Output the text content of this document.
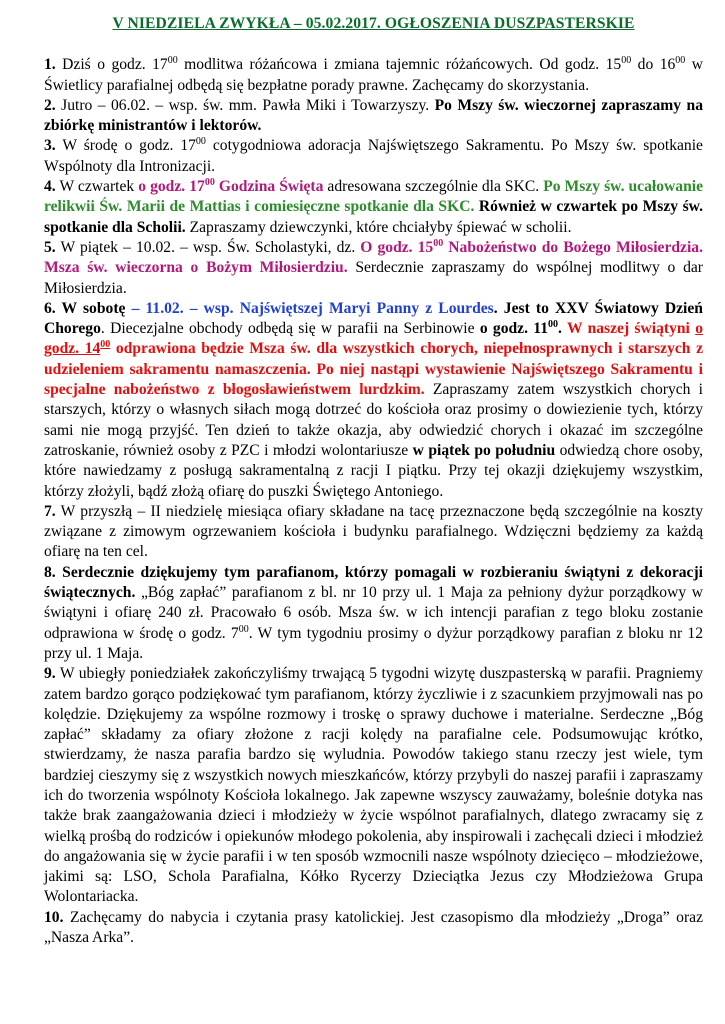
V NIEDZIELA ZWYKŁA – 05.02.2017. OGŁOSZENIA DUSZPASTERSKIE

1. Dziś o godz. $17^{00}$ modlitwa różańcowa i zmiana tajemnic różańcowych. Od godz. $15^{00}$ do $16^{00}$ w Świetlicy parafialnej odbędą się bezpłatne porady prawne. Zachęcamy do skorzystania.

2. Jutro – 06.02. – wsp. św. mm. Pawła Miki i Towarzyszy. Po Mszy św. wieczornej zapraszamy na zbiórkę ministrantów i lektorów.

3. W środę o godz. $17^{00}$ cotygodniowa adoracja Najświętszego Sakramentu. Po Mszy św. spotkanie Wspólnoty dla Intronizacji.

4. W czwartek o godz. $17^{00}$ Godzina Święta adresowana szczególnie dla SKC. Po Mszy św. ucałowanie relikwii Św. Marii de Mattias i comiesięczne spotkanie dla SKC. Również w czwartek po Mszy św. spotkanie dla Scholii. Zapraszamy dziewczynki, które chciałyby śpiewać w scholii.

5. W piątek – 10.02. – wsp. Św. Scholastyki, dz. O godz. $15^{00}$ Nabożeństwo do Bożego Miłosierdzia. Msza św. wieczorna o Bożym Miłosierdziu. Serdecznie zapraszamy do wspólnej modlitwy o dar Miłosierdzia.

6. W sobotę – 11.02. – wsp. Najświętszej Maryi Panny z Lourdes. Jest to XXV Światowy Dzień Chorego. Diecezjalne obchody odbędą się w parafii na Serbinowie o godz. $11^{00}$. W naszej świątyni o godz. $14^{00}$ odprawiona będzie Msza św. dla wszystkich chorych, niepełnosprawnych i starszych z udzieleniem sakramentu namaszczenia. Po niej nastąpi wystawienie Najświętszego Sakramentu i specjalne nabożeństwo z błogosławieństwem lurdzkim. Zapraszamy zatem wszystkich chorych i starszych, którzy o własnych siłach mogą dotrzeć do kościoła oraz prosimy o dowiezienie tych, którzy sami nie mogą przyjść. Ten dzień to także okazja, aby odwiedzić chorych i okazać im szczególne zatroskanie, również osoby z PZC i młodzi wolontariusze w piątek po południu odwiedzą chore osoby, które nawiedzamy z posługą sakramentalną z racji I piątku. Przy tej okazji dziękujemy wszystkim, którzy złożyli, bądź złożą ofiarę do puszki Świętego Antoniego.

7. W przyszłą – II niedzielę miesiąca ofiary składane na tacę przeznaczone będą szczególnie na koszty związane z zimowym ogrzewaniem kościoła i budynku parafialnego. Wdzięczni będziemy za każdą ofiarę na ten cel.

8. Serdecznie dziękujemy tym parafianom, którzy pomagali w rozbieraniu świątyni z dekoracji świątecznych. „Bóg zapłać” parafianom z bl. nr 10 przy ul. 1 Maja za pełniony dyżur porządkowy w świątyni i ofiarę 240 zł. Pracowało 6 osób. Msza św. w ich intencji parafian z tego bloku zostanie odprawiona w środę o godz. $7^{00}$. W tym tygodniu prosimy o dyżur porządkowy parafian z bloku nr 12 przy ul. 1 Maja.

9. W ubiegły poniedziałek zakończyliśmy trwającą 5 tygodni wizytę duszpasterską w parafii. Pragniemy zatem bardzo gorąco podziękować tym parafianom, którzy życzliwie i z szacunkiem przyjmowali nas po kolędzie. Dziękujemy za wspólne rozmowy i troskę o sprawy duchowe i materialne. Serdeczne „Bóg zapłać” składamy za ofiary złożone z racji kolędy na parafialne cele. Podsumowując krótko, stwierdzamy, że nasza parafia bardzo się wyludnia. Powodów takiego stanu rzeczy jest wiele, tym bardziej cieszymy się z wszystkich nowych mieszkańców, którzy przybyli do naszej parafii i zapraszamy ich do tworzenia wspólnoty Kościoła lokalnego. Jak zapewne wszyscy zauważamy, boleśnie dotyka nas także brak zaangażowania dzieci i młodzieży w życie wspólnot parafialnych, dlatego zwracamy się z wielką prośbą do rodziców i opiekunów młodego pokolenia, aby inspirowali i zachęcali dzieci i młodzież do angażowania się w życie parafii i w ten sposób wzmocnili nasze wspólnoty dziecięco – młodzieżowe, jakimi są: LSO, Schola Parafialna, Kółko Rycerzy Dzieciątka Jezus czy Młodzieżowa Grupa Wolontariacka.

10. Zachęcamy do nabycia i czytania prasy katolickiej. Jest czasopismo dla młodzieży „Droga” oraz „Nasza Arka”.
